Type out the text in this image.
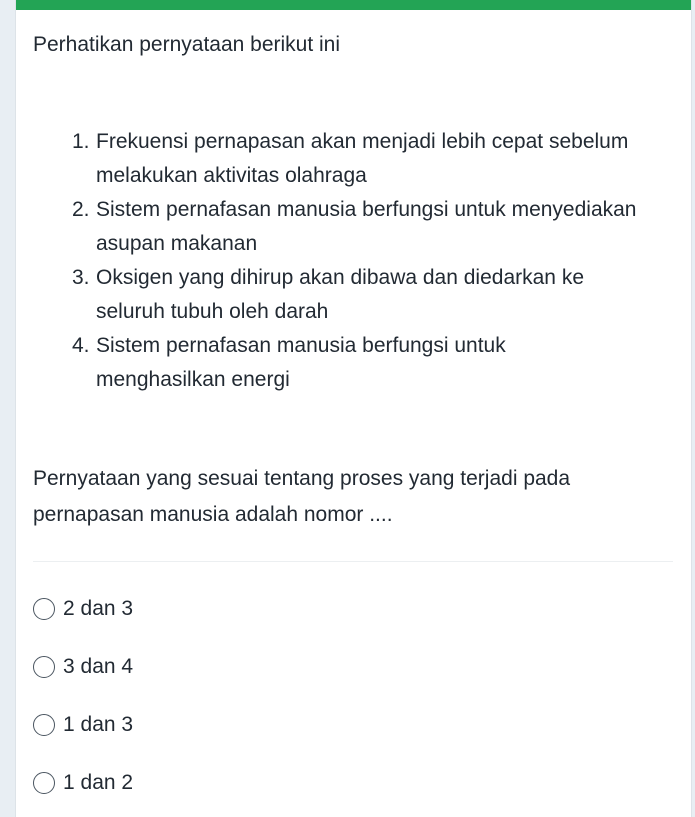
Perhatikan pernyataan berikut ini
1. Frekuensi pernapasan akan menjadi lebih cepat sebelum
melakukan aktivitas olahraga
2. Sistem pernafasan manusia berfungsi untuk menyediakan
asupan makanan
3. Oksigen yang dihirup akan dibawa dan diedarkan ke
seluruh tubuh oleh darah
4. Sistem pernafasan manusia berfungsi untuk
menghasilkan energi
Pernyataan yang sesuai tentang proses yang terjadi pada
pernapasan manusia adalah nomor ....
2 dan 3
3 dan 4
1 dan 3
1 dan 2
